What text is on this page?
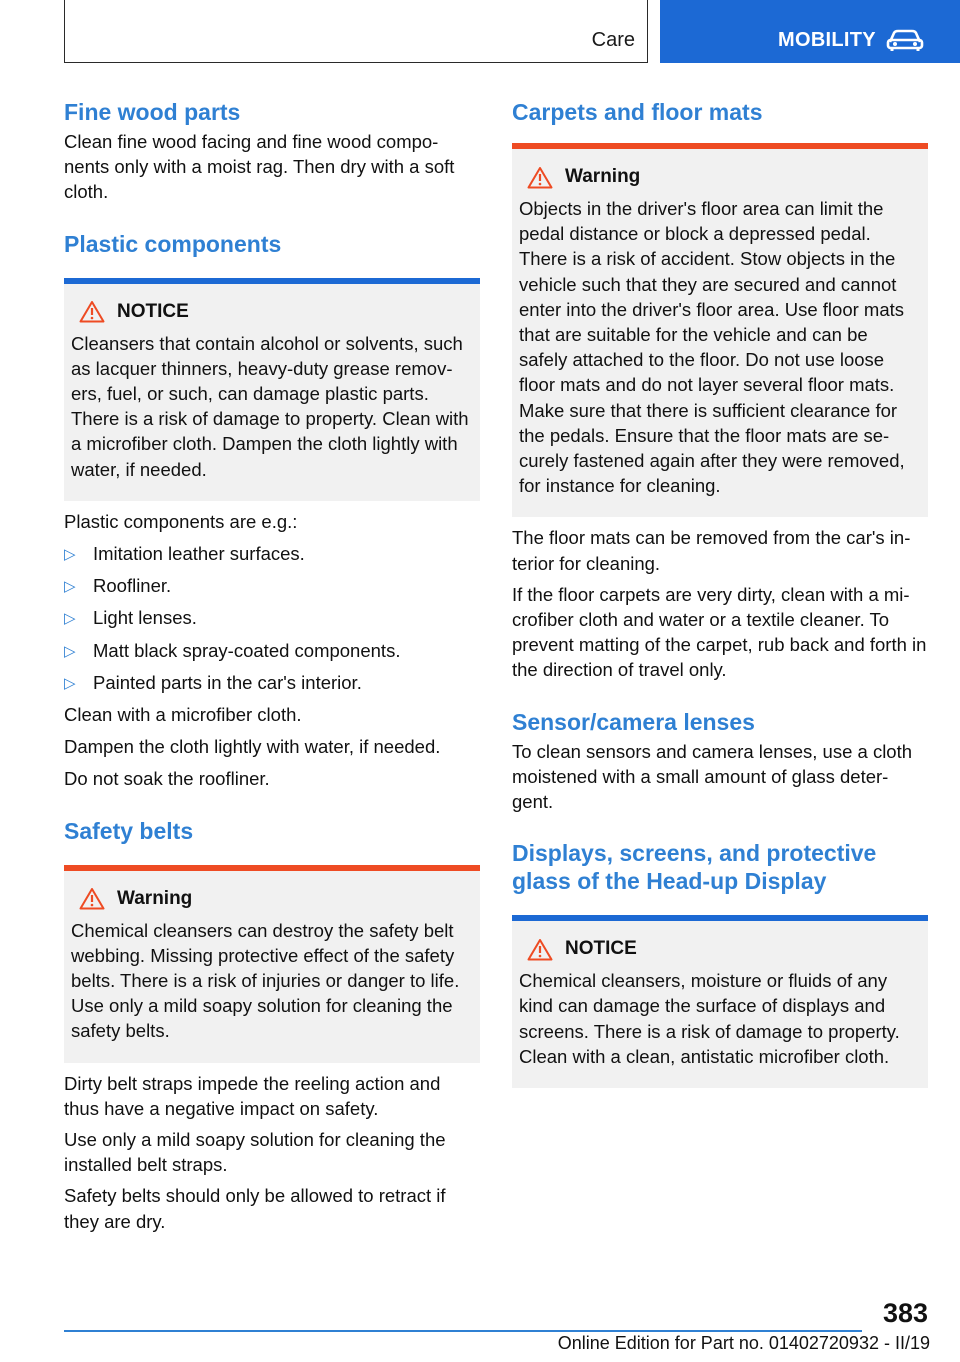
Care	MOBILITY
Fine wood parts

Clean fine wood facing and fine wood compo-nents only with a moist rag. Then dry with a soft cloth.

Plastic components
NOTICE

Cleansers that contain alcohol or solvents, such as lacquer thinners, heavy-duty grease remov-ers, fuel, or such, can damage plastic parts. There is a risk of damage to property. Clean with a microfiber cloth. Dampen the cloth lightly with water, if needed.

Plastic components are e.g.:

▷ Imitation leather surfaces.
▷ Roofliner.
▷ Light lenses.
▷ Matt black spray-coated components.
▷ Painted parts in the car's interior.

Clean with a microfiber cloth.

Dampen the cloth lightly with water, if needed.

Do not soak the roofliner.

Safety belts
Warning

Chemical cleansers can destroy the safety belt webbing. Missing protective effect of the safety belts. There is a risk of injuries or danger to life. Use only a mild soapy solution for cleaning the safety belts.

Dirty belt straps impede the reeling action and thus have a negative impact on safety.

Use only a mild soapy solution for cleaning the installed belt straps.

Safety belts should only be allowed to retract if they are dry.

Carpets and floor mats
Warning

Objects in the driver's floor area can limit the pedal distance or block a depressed pedal. There is a risk of accident. Stow objects in the vehicle such that they are secured and cannot enter into the driver's floor area. Use floor mats that are suitable for the vehicle and can be safely attached to the floor. Do not use loose floor mats and do not layer several floor mats. Make sure that there is sufficient clearance for the pedals. Ensure that the floor mats are se-curely fastened again after they were removed, for instance for cleaning.

The floor mats can be removed from the car's in-terior for cleaning.

If the floor carpets are very dirty, clean with a mi-crofiber cloth and water or a textile cleaner. To prevent matting of the carpet, rub back and forth in the direction of travel only.

Sensor/camera lenses

To clean sensors and camera lenses, use a cloth moistened with a small amount of glass deter-gent.

Displays, screens, and protective glass of the Head-up Display
NOTICE

Chemical cleansers, moisture or fluids of any kind can damage the surface of displays and screens. There is a risk of damage to property. Clean with a clean, antistatic microfiber cloth.

383
Online Edition for Part no. 01402720932 - II/19
